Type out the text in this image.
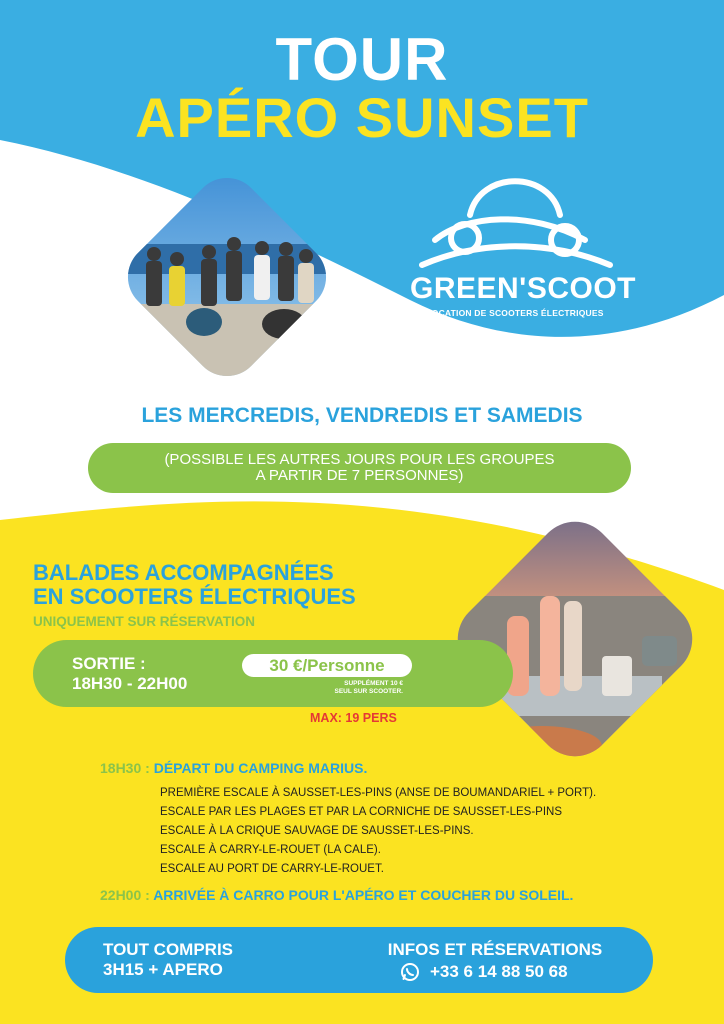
TOUR
APÉRO SUNSET
GREEN'SCOOT
LOCATION DE SCOOTERS ÉLECTRIQUES
LES MERCREDIS, VENDREDIS ET SAMEDIS
(POSSIBLE LES AUTRES JOURS POUR LES GROUPES
A PARTIR DE 7 PERSONNES)
BALADES ACCOMPAGNÉES
EN SCOOTERS ÉLECTRIQUES
UNIQUEMENT SUR RÉSERVATION
SORTIE :
18H30 - 22H00
30 €/Personne
SUPPLÉMENT 10 €
SEUL SUR SCOOTER.
MAX: 19 PERS
18H30 : DÉPART DU CAMPING MARIUS.
PREMIÈRE ESCALE À SAUSSET-LES-PINS (ANSE DE BOUMANDARIEL + PORT).
ESCALE PAR LES PLAGES ET PAR LA CORNICHE DE SAUSSET-LES-PINS
ESCALE À LA CRIQUE SAUVAGE DE SAUSSET-LES-PINS.
ESCALE À CARRY-LE-ROUET (LA CALE).
ESCALE AU PORT DE CARRY-LE-ROUET.
22H00 : ARRIVÉE À CARRO POUR L'APÉRO ET COUCHER DU SOLEIL.
TOUT COMPRIS
3H15 + APERO
INFOS ET RÉSERVATIONS
+33 6 14 88 50 68
